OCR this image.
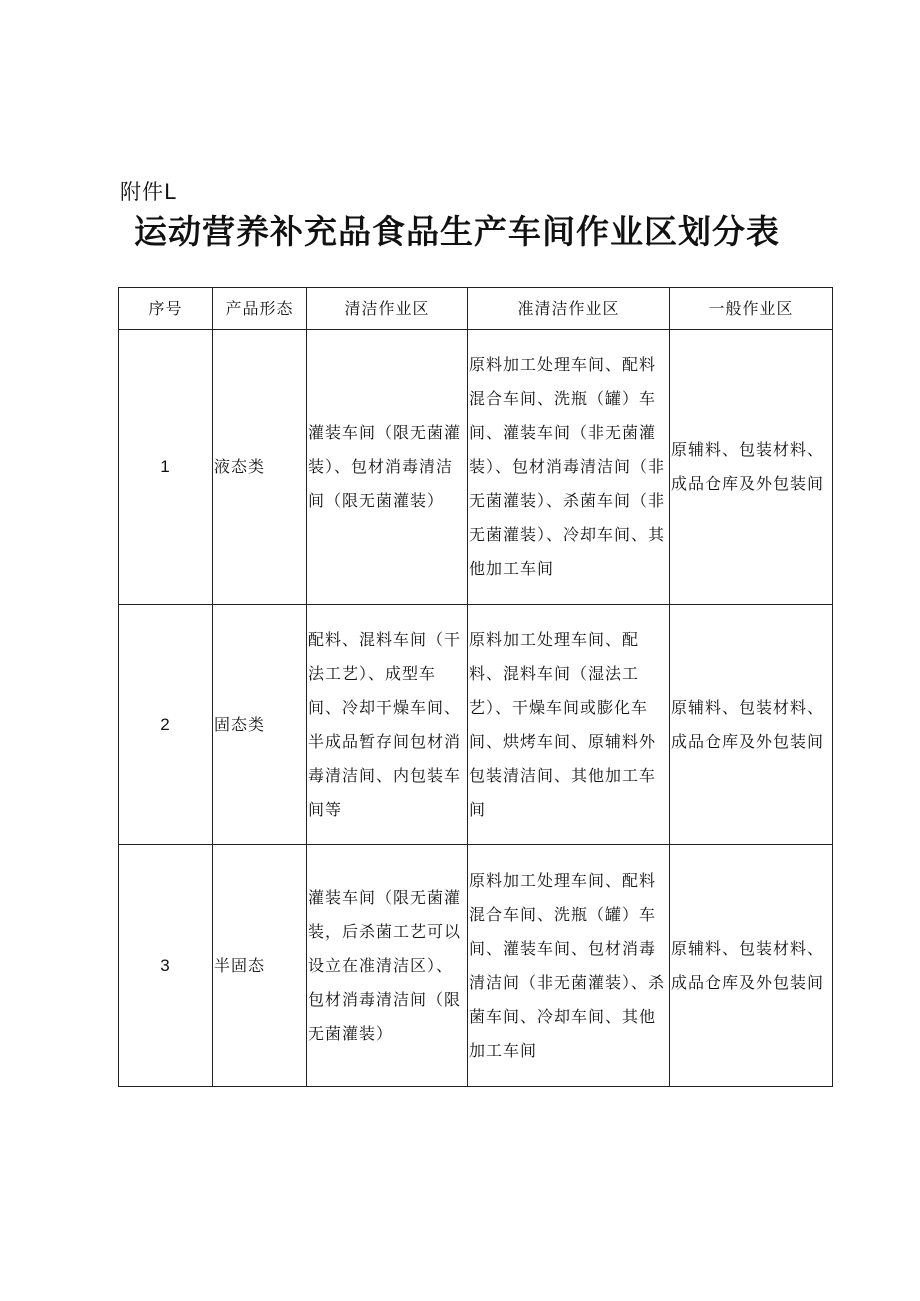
附件L
运动营养补充品食品生产车间作业区划分表
序号	产品形态	清洁作业区	准清洁作业区	一般作业区
1	液态类	灌装车间（限无菌灌装）、包材消毒清洁间（限无菌灌装）	原料加工处理车间、配料混合车间、洗瓶（罐）车间、灌装车间（非无菌灌装）、包材消毒清洁间（非无菌灌装）、杀菌车间（非无菌灌装）、冷却车间、其他加工车间	原辅料、包装材料、成品仓库及外包装间
2	固态类	配料、混料车间（干法工艺）、成型车间、冷却干燥车间、半成品暂存间包材消毒清洁间、内包装车间等	原料加工处理车间、配料、混料车间（湿法工艺）、干燥车间或膨化车间、烘烤车间、原辅料外包装清洁间、其他加工车间	原辅料、包装材料、成品仓库及外包装间
3	半固态	灌装车间（限无菌灌装，后杀菌工艺可以设立在准清洁区）、包材消毒清洁间（限无菌灌装）	原料加工处理车间、配料混合车间、洗瓶（罐）车间、灌装车间、包材消毒清洁间（非无菌灌装）、杀菌车间、冷却车间、其他加工车间	原辅料、包装材料、成品仓库及外包装间
